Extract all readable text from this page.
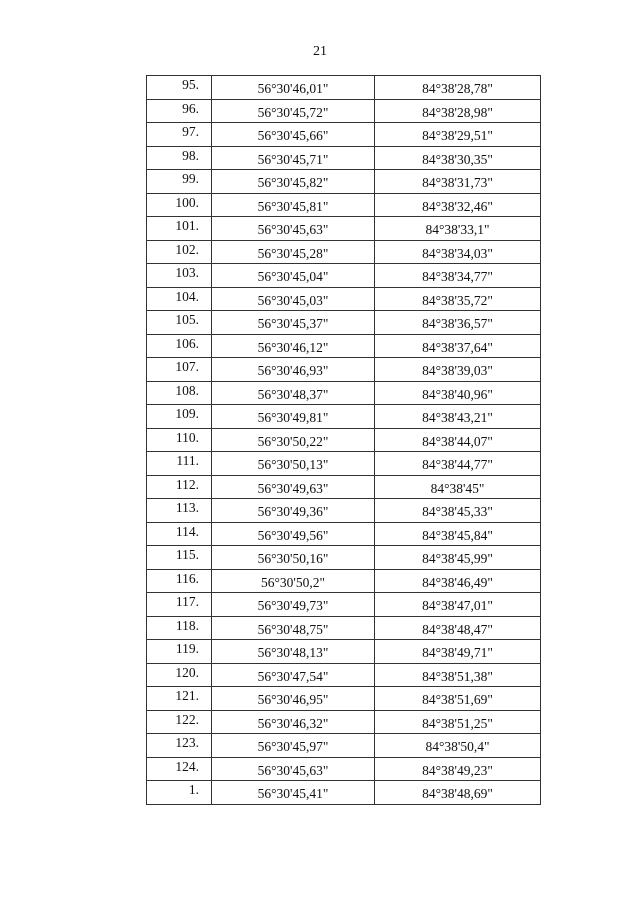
21
95.	56°30'46,01"	84°38'28,78"
96.	56°30'45,72"	84°38'28,98"
97.	56°30'45,66"	84°38'29,51"
98.	56°30'45,71"	84°38'30,35"
99.	56°30'45,82"	84°38'31,73"
100.	56°30'45,81"	84°38'32,46"
101.	56°30'45,63"	84°38'33,1"
102.	56°30'45,28"	84°38'34,03"
103.	56°30'45,04"	84°38'34,77"
104.	56°30'45,03"	84°38'35,72"
105.	56°30'45,37"	84°38'36,57"
106.	56°30'46,12"	84°38'37,64"
107.	56°30'46,93"	84°38'39,03"
108.	56°30'48,37"	84°38'40,96"
109.	56°30'49,81"	84°38'43,21"
110.	56°30'50,22"	84°38'44,07"
111.	56°30'50,13"	84°38'44,77"
112.	56°30'49,63"	84°38'45"
113.	56°30'49,36"	84°38'45,33"
114.	56°30'49,56"	84°38'45,84"
115.	56°30'50,16"	84°38'45,99"
116.	56°30'50,2"	84°38'46,49"
117.	56°30'49,73"	84°38'47,01"
118.	56°30'48,75"	84°38'48,47"
119.	56°30'48,13"	84°38'49,71"
120.	56°30'47,54"	84°38'51,38"
121.	56°30'46,95"	84°38'51,69"
122.	56°30'46,32"	84°38'51,25"
123.	56°30'45,97"	84°38'50,4"
124.	56°30'45,63"	84°38'49,23"
1.	56°30'45,41"	84°38'48,69"
